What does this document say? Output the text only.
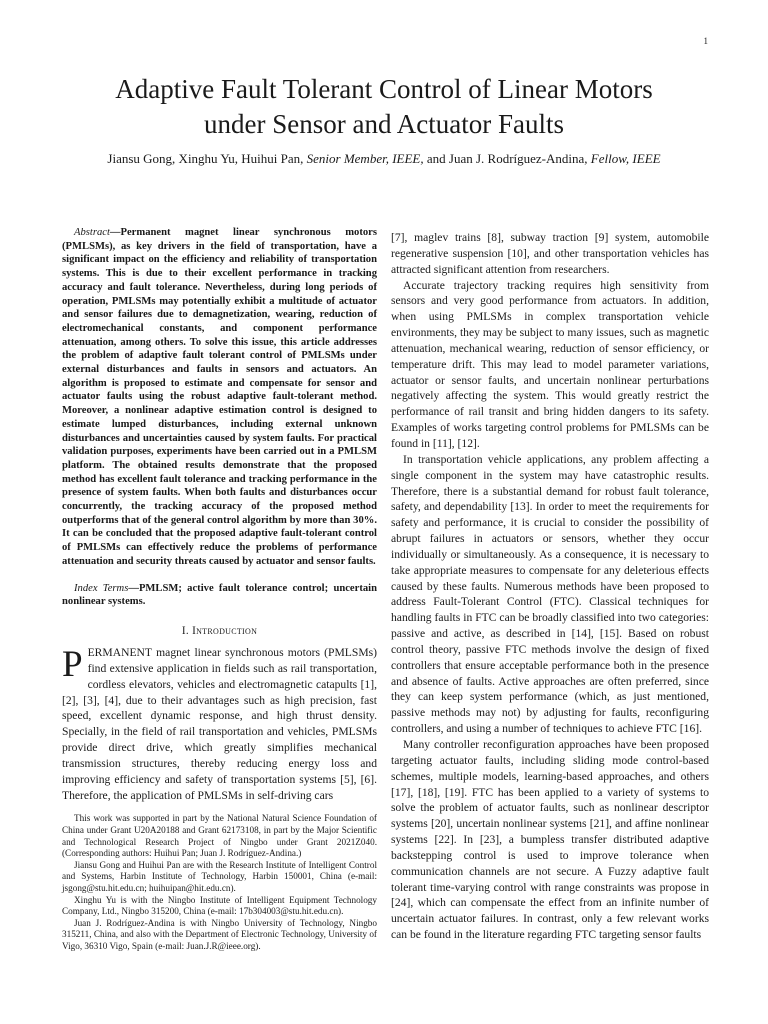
1
Adaptive Fault Tolerant Control of Linear Motors
under Sensor and Actuator Faults
Jiansu Gong, Xinghu Yu, Huihui Pan, Senior Member, IEEE, and Juan J. Rodríguez-Andina, Fellow, IEEE

Abstract—Permanent magnet linear synchronous motors (PMLSMs), as key drivers in the field of transportation, have a significant impact on the efficiency and reliability of transportation systems. This is due to their excellent performance in tracking accuracy and fault tolerance. Nevertheless, during long periods of operation, PMLSMs may potentially exhibit a multitude of actuator and sensor failures due to demagnetization, wearing, reduction of electromechanical constants, and component performance attenuation, among others. To solve this issue, this article addresses the problem of adaptive fault tolerant control of PMLSMs under external disturbances and faults in sensors and actuators. An algorithm is proposed to estimate and compensate for sensor and actuator faults using the robust adaptive fault-tolerant method. Moreover, a nonlinear adaptive estimation control is designed to estimate lumped disturbances, including external unknown disturbances and uncertainties caused by system faults. For practical validation purposes, experiments have been carried out in a PMLSM platform. The obtained results demonstrate that the proposed method has excellent fault tolerance and tracking performance in the presence of system faults. When both faults and disturbances occur concurrently, the tracking accuracy of the proposed method outperforms that of the general control algorithm by more than 30%. It can be concluded that the proposed adaptive fault-tolerant control of PMLSMs can effectively reduce the problems of performance attenuation and security threats caused by actuator and sensor faults.

Index Terms—PMLSM; active fault tolerance control; uncertain nonlinear systems.

I. Introduction

PERMANENT magnet linear synchronous motors (PMLSMs) find extensive application in fields such as rail transportation, cordless elevators, vehicles and electromagnetic catapults [1], [2], [3], [4], due to their advantages such as high precision, fast speed, excellent dynamic response, and high thrust density. Specially, in the field of rail transportation and vehicles, PMLSMs provide direct drive, which greatly simplifies mechanical transmission structures, thereby reducing energy loss and improving efficiency and safety of transportation systems [5], [6]. Therefore, the application of PMLSMs in self-driving cars

This work was supported in part by the National Natural Science Foundation of China under Grant U20A20188 and Grant 62173108, in part by the Major Scientific and Technological Research Project of Ningbo under Grant 2021Z040. (Corresponding authors: Huihui Pan; Juan J. Rodríguez-Andina.)

Jiansu Gong and Huihui Pan are with the Research Institute of Intelligent Control and Systems, Harbin Institute of Technology, Harbin 150001, China (e-mail: jsgong@stu.hit.edu.cn; huihuipan@hit.edu.cn).

Xinghu Yu is with the Ningbo Institute of Intelligent Equipment Technology Company, Ltd., Ningbo 315200, China (e-mail: 17b304003@stu.hit.edu.cn).

Juan J. Rodríguez-Andina is with Ningbo University of Technology, Ningbo 315211, China, and also with the Department of Electronic Technology, University of Vigo, 36310 Vigo, Spain (e-mail: Juan.J.R@ieee.org).

[7], maglev trains [8], subway traction [9] system, automobile regenerative suspension [10], and other transportation vehicles has attracted significant attention from researchers.

Accurate trajectory tracking requires high sensitivity from sensors and very good performance from actuators. In addition, when using PMLSMs in complex transportation vehicle environments, they may be subject to many issues, such as magnetic attenuation, mechanical wearing, reduction of sensor efficiency, or temperature drift. This may lead to model parameter variations, actuator or sensor faults, and uncertain nonlinear perturbations negatively affecting the system. This would greatly restrict the performance of rail transit and bring hidden dangers to its safety. Examples of works targeting control problems for PMLSMs can be found in [11], [12].

In transportation vehicle applications, any problem affecting a single component in the system may have catastrophic results. Therefore, there is a substantial demand for robust fault tolerance, safety, and dependability [13]. In order to meet the requirements for safety and performance, it is crucial to consider the possibility of abrupt failures in actuators or sensors, whether they occur individually or simultaneously. As a consequence, it is necessary to take appropriate measures to compensate for any deleterious effects caused by these faults. Numerous methods have been proposed to address Fault-Tolerant Control (FTC). Classical techniques for handling faults in FTC can be broadly classified into two categories: passive and active, as described in [14], [15]. Based on robust control theory, passive FTC methods involve the design of fixed controllers that ensure acceptable performance both in the presence and absence of faults. Active approaches are often preferred, since they can keep system performance (which, as just mentioned, passive methods may not) by adjusting for faults, reconfiguring controllers, and using a number of techniques to achieve FTC [16].

Many controller reconfiguration approaches have been proposed targeting actuator faults, including sliding mode control-based schemes, multiple models, learning-based approaches, and others [17], [18], [19]. FTC has been applied to a variety of systems to solve the problem of actuator faults, such as nonlinear descriptor systems [20], uncertain nonlinear systems [21], and affine nonlinear systems [22]. In [23], a bumpless transfer distributed adaptive backstepping control is used to improve tolerance when communication channels are not secure. A Fuzzy adaptive fault tolerant time-varying control with range constraints was propose in [24], which can compensate the effect from an infinite number of uncertain actuator failures. In contrast, only a few relevant works can be found in the literature regarding FTC targeting sensor faults
